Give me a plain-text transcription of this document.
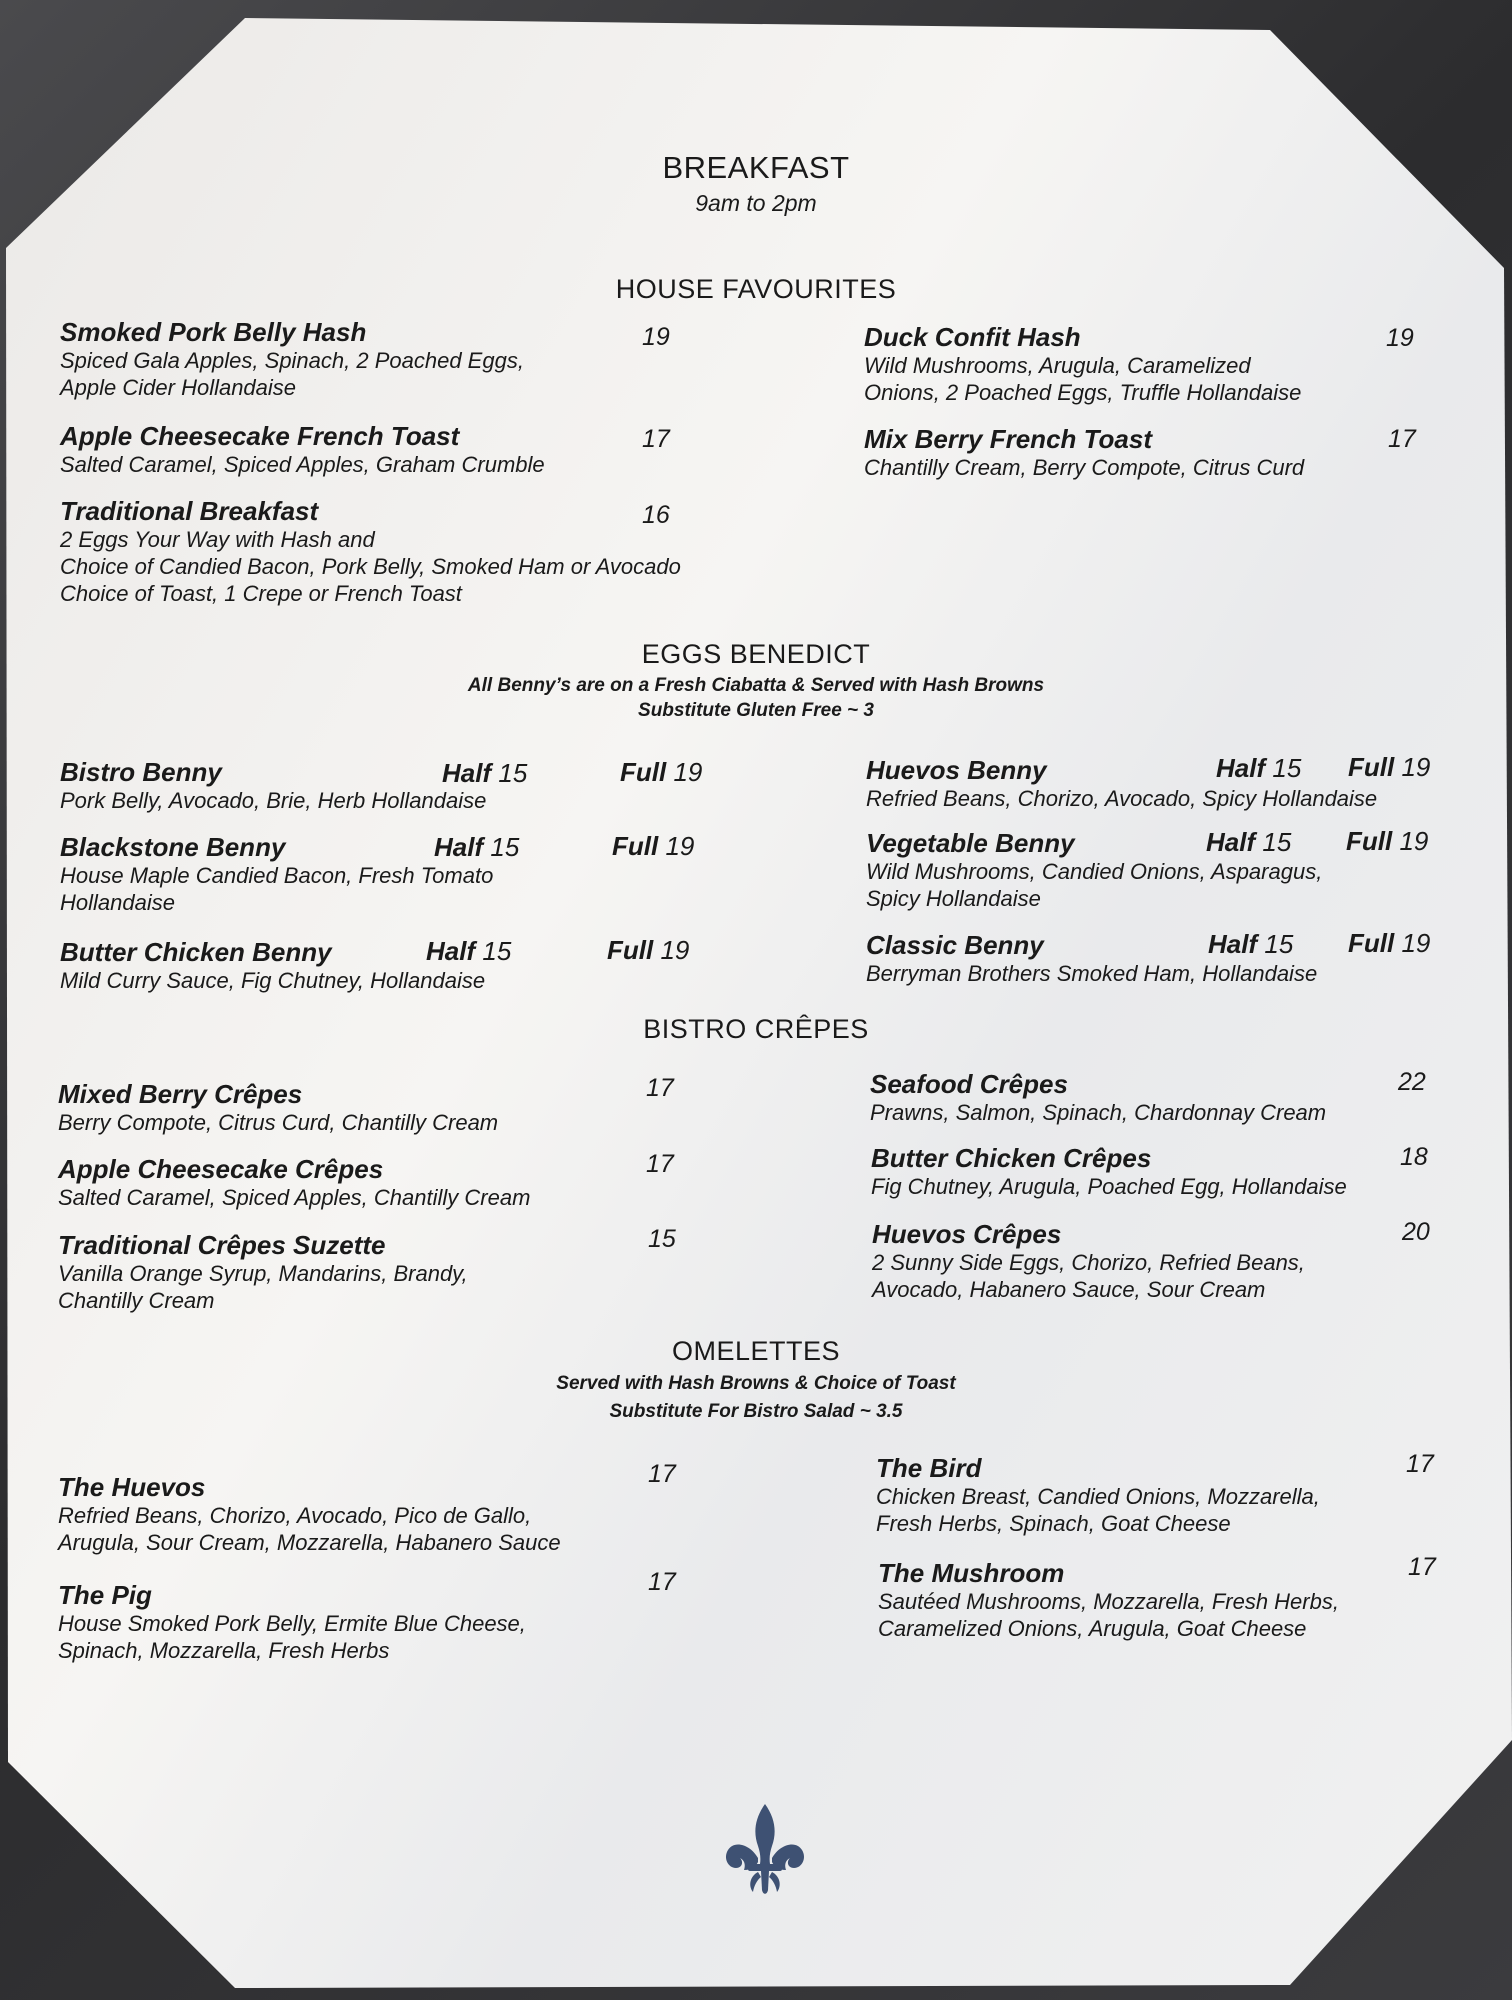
BREAKFAST
9am to 2pm
HOUSE FAVOURITES
Smoked Pork Belly Hash
Spiced Gala Apples, Spinach, 2 Poached Eggs,
Apple Cider Hollandaise
19
Apple Cheesecake French Toast
Salted Caramel, Spiced Apples, Graham Crumble
17
Traditional Breakfast
2 Eggs Your Way with Hash and
Choice of Candied Bacon, Pork Belly, Smoked Ham or Avocado
Choice of Toast, 1 Crepe or French Toast
16
Duck Confit Hash
Wild Mushrooms, Arugula, Caramelized
Onions, 2 Poached Eggs, Truffle Hollandaise
19
Mix Berry French Toast
Chantilly Cream, Berry Compote, Citrus Curd
17
EGGS BENEDICT
All Benny’s are on a Fresh Ciabatta & Served with Hash Browns
Substitute Gluten Free ~ 3
Bistro Benny
Pork Belly, Avocado, Brie, Herb Hollandaise
Half 15	Full 19
Blackstone Benny
House Maple Candied Bacon, Fresh Tomato
Hollandaise
Half 15	Full 19
Butter Chicken Benny
Mild Curry Sauce, Fig Chutney, Hollandaise
Half 15	Full 19
Huevos Benny
Refried Beans, Chorizo, Avocado, Spicy Hollandaise
Half 15 Full 19
Vegetable Benny
Wild Mushrooms, Candied Onions, Asparagus,
Spicy Hollandaise
Half 15 Full 19
Classic Benny
Berryman Brothers Smoked Ham, Hollandaise
Half 15 Full 19
BISTRO CRÊPES
Mixed Berry Crêpes
Berry Compote, Citrus Curd, Chantilly Cream
17
Apple Cheesecake Crêpes
Salted Caramel, Spiced Apples, Chantilly Cream
17
Traditional Crêpes Suzette
Vanilla Orange Syrup, Mandarins, Brandy,
Chantilly Cream
15
Seafood Crêpes
Prawns, Salmon, Spinach, Chardonnay Cream
22
Butter Chicken Crêpes
Fig Chutney, Arugula, Poached Egg, Hollandaise
18
Huevos Crêpes
2 Sunny Side Eggs, Chorizo, Refried Beans,
Avocado, Habanero Sauce, Sour Cream
20
OMELETTES
Served with Hash Browns & Choice of Toast
Substitute For Bistro Salad ~ 3.5
The Huevos
Refried Beans, Chorizo, Avocado, Pico de Gallo,
Arugula, Sour Cream, Mozzarella, Habanero Sauce
17
The Pig
House Smoked Pork Belly, Ermite Blue Cheese,
Spinach, Mozzarella, Fresh Herbs
17
The Bird
Chicken Breast, Candied Onions, Mozzarella,
Fresh Herbs, Spinach, Goat Cheese
17
The Mushroom
Sautéed Mushrooms, Mozzarella, Fresh Herbs,
Caramelized Onions, Arugula, Goat Cheese
17
